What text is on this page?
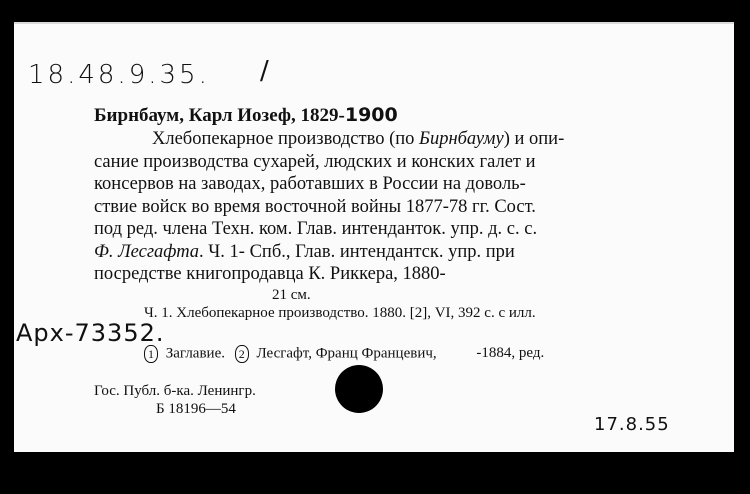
18.48.9.35. /
Бирнбаум, Карл Иозеф, 1829-1900
Хлебопекарное производство (по Бирнбауму) и опи-
сание производства сухарей, людских и конских галет и
консервов на заводах, работавших в России на доволь-
ствие войск во время восточной войны 1877-78 гг. Сост.
под ред. члена Техн. ком. Глав. интенданток. упр. д. с. с.
Ф. Лесгафта. Ч. 1- Спб., Глав. интендантск. упр. при
посредстве книгопродавца К. Риккера, 1880-
21 см.
Ч. 1. Хлебопекарное производство. 1880. [2], VI, 392 с. с илл.
Арх-73352.
1 Заглавие. 2 Лесгафт, Франц Францевич,	-1884, ред.
Гос. Публ. б-ка. Ленингр.
Б 18196—54
17.8.55
